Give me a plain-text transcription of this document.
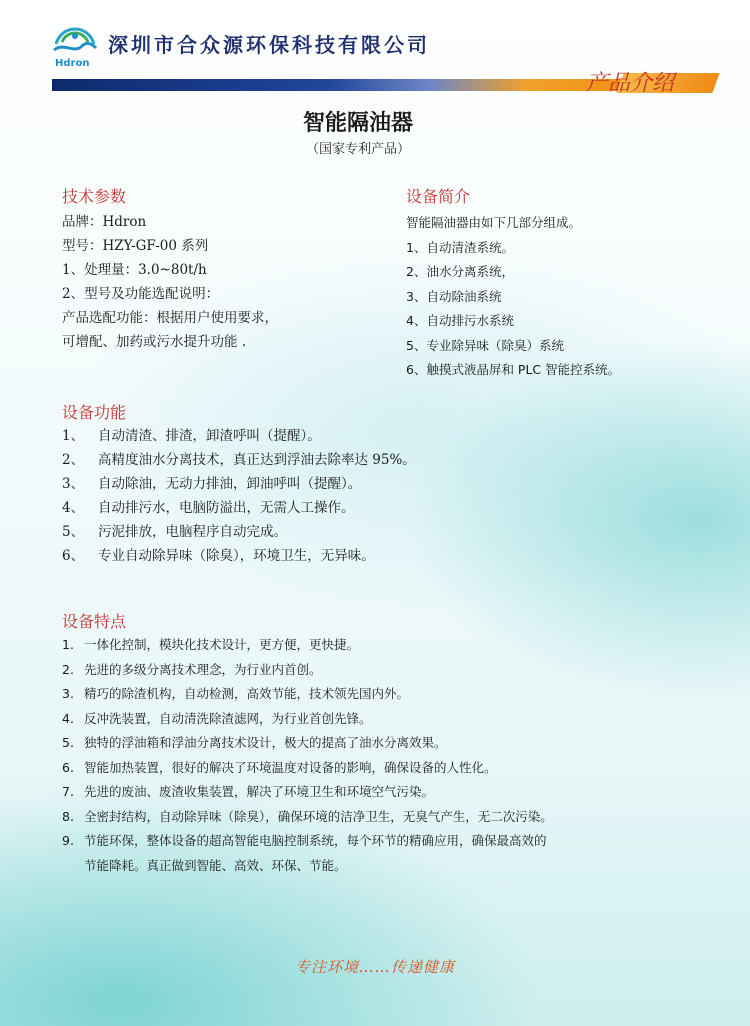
Hdron
深圳市合众源环保科技有限公司
产品介绍
智能隔油器
（国家专利产品）
技术参数
品牌：Hdron
型号：HZY-GF-00 系列
1、处理量：3.0~80t/h
2、型号及功能选配说明：
产品选配功能：根据用户使用要求，
可增配、加药或污水提升功能 .
设备简介
智能隔油器由如下几部分组成。
1、自动清渣系统。
2、油水分离系统，
3、自动除油系统
4、自动排污水系统
5、专业除异味（除臭）系统
6、触摸式液晶屏和 PLC 智能控系统。
设备功能
1、 自动清渣、排渣，卸渣呼叫（提醒）。
2、 高精度油水分离技术，真正达到浮油去除率达 95%。
3、 自动除油，无动力排油，卸油呼叫（提醒）。
4、 自动排污水，电脑防溢出，无需人工操作。
5、 污泥排放，电脑程序自动完成。
6、 专业自动除异味（除臭），环境卫生，无异味。
设备特点
1. 一体化控制，模块化技术设计，更方便，更快捷。
2. 先进的多级分离技术理念，为行业内首创。
3. 精巧的除渣机构，自动检测，高效节能，技术领先国内外。
4. 反冲洗装置，自动清洗除渣滤网，为行业首创先锋。
5. 独特的浮油箱和浮油分离技术设计，极大的提高了油水分离效果。
6. 智能加热装置，很好的解决了环境温度对设备的影响，确保设备的人性化。
7. 先进的废油、废渣收集装置，解决了环境卫生和环境空气污染。
8. 全密封结构，自动除异味（除臭），确保环境的洁净卫生，无臭气产生，无二次污染。
9. 节能环保，整体设备的超高智能电脑控制系统，每个环节的精确应用，确保最高效的
节能降耗。真正做到智能、高效、环保、节能。
专注环境……传递健康
